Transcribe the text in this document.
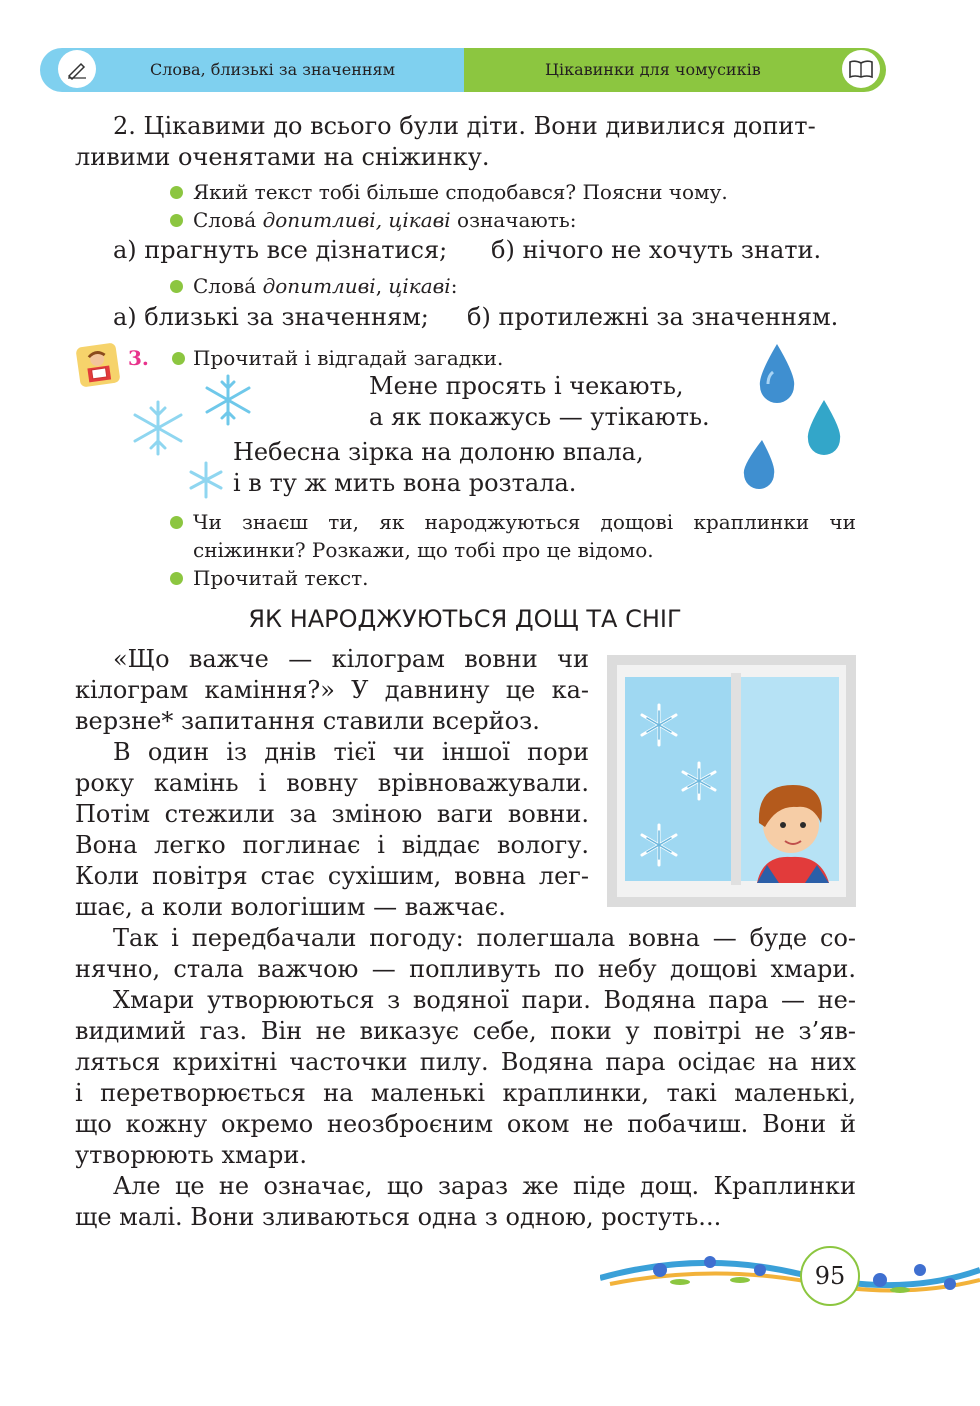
Слова, близькі за значенням	Цікавинки для чомусиків
2. Цікавими до всього були діти. Вони дивилися допит-
ливими оченятами на сніжинку.
Який текст тобі більше сподобався? Поясни чому.
Слова́ допитливі, цікаві означають:
а) прагнуть все дізнатися; б) нічого не хочуть знати.
Слова́ допитливі, цікаві:
а) близькі за значенням; б) протилежні за значенням.
3. Прочитай і відгадай загадки.
Мене просять і чекають,
а як покажусь — утікають.
Небесна зірка на долоню впала,
і в ту ж мить вона розтала.
Чи знаєш ти, як народжуються дощові краплинки чи
сніжинки? Розкажи, що тобі про це відомо.
Прочитай текст.
ЯК НАРОДЖУЮТЬСЯ ДОЩ ТА СНІГ
«Що важче — кілограм вовни чи
кілограм каміння?» У давнину це ка-
верзне* запитання ставили всерйоз.
В один із днів тієї чи іншої пори
року камінь і вовну врівноважували.
Потім стежили за зміною ваги вовни.
Вона легко поглинає і віддає вологу.
Коли повітря стає сухішим, вовна лег-
шає, а коли вологішим — важчає.
Так і передбачали погоду: полегшала вовна — буде со-
нячно, стала важчою — попливуть по небу дощові хмари.
Хмари утворюються з водяної пари. Водяна пара — не-
видимий газ. Він не виказує себе, поки у повітрі не з’яв-
ляться крихітні часточки пилу. Водяна пара осідає на них
і перетворюється на маленькі краплинки, такі маленькі,
що кожну окремо неозброєним оком не побачиш. Вони й
утворюють хмари.
Але це не означає, що зараз же піде дощ. Краплинки
ще малі. Вони зливаються одна з одною, ростуть...
95
